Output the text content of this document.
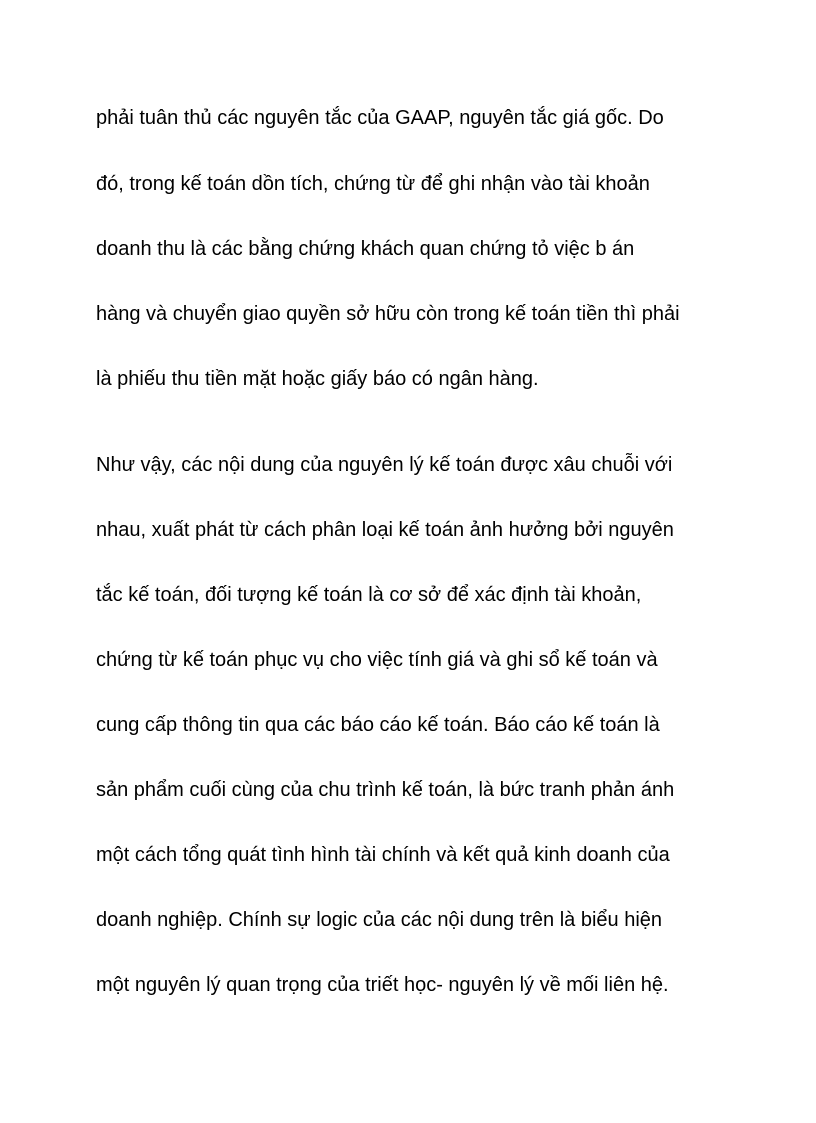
phải tuân thủ các nguyên tắc của GAAP, nguyên tắc giá gốc. Do

đó, trong kế toán dồn tích, chứng từ để ghi nhận vào tài khoản

doanh thu là các bằng chứng khách quan chứng tỏ việc b án

hàng và chuyển giao quyền sở hữu còn trong kế toán tiền thì phải

là phiếu thu tiền mặt hoặc giấy báo có ngân hàng.

Như vậy, các nội dung của nguyên lý kế toán được xâu chuỗi với

nhau, xuất phát từ cách phân loại kế toán ảnh hưởng bởi nguyên

tắc kế toán, đối tượng kế toán là cơ sở để xác định tài khoản,

chứng từ kế toán phục vụ cho việc tính giá và ghi sổ kế toán và

cung cấp thông tin qua các báo cáo kế toán. Báo cáo kế toán là

sản phẩm cuối cùng của chu trình kế toán, là bức tranh phản ánh

một cách tổng quát tình hình tài chính và kết quả kinh doanh của

doanh nghiệp. Chính sự logic của các nội dung trên là biểu hiện

một nguyên lý quan trọng của triết học- nguyên lý về mối liên hệ.
